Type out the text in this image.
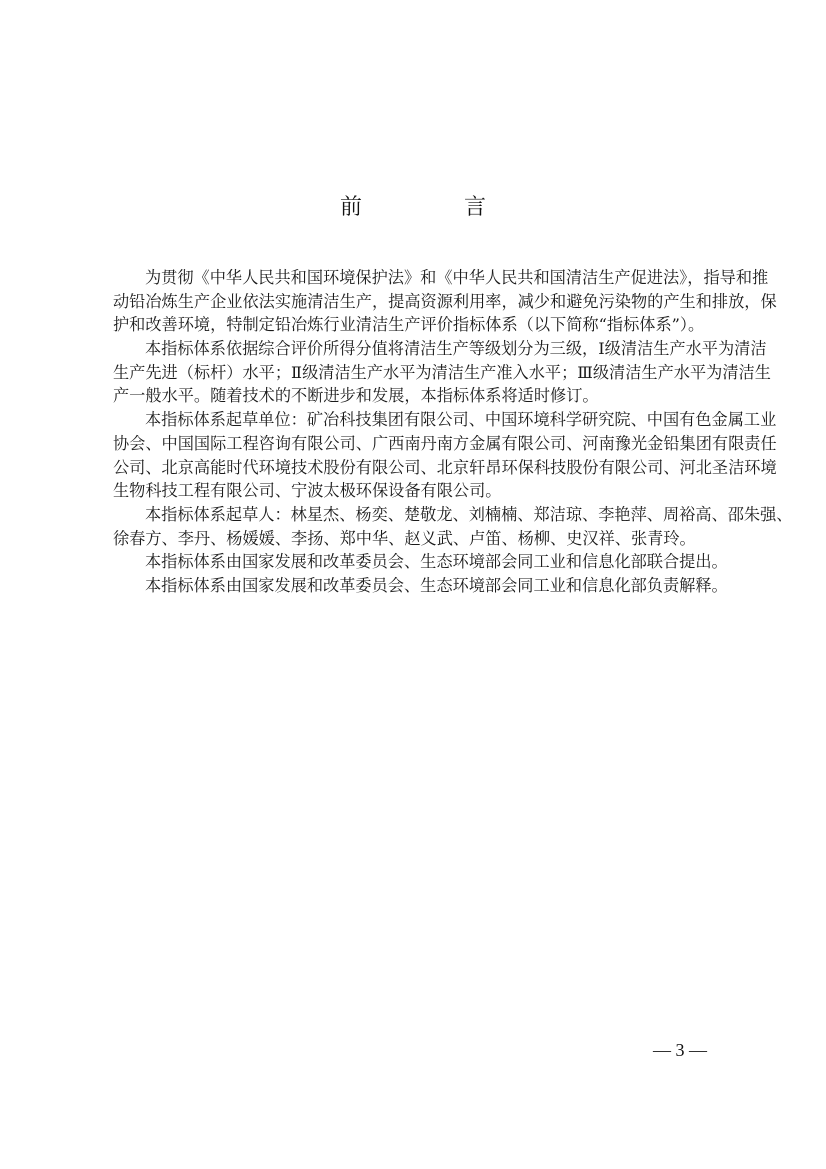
前　言
为贯彻《中华人民共和国环境保护法》和《中华人民共和国清洁生产促进法》，指导和推
动铅冶炼生产企业依法实施清洁生产，提高资源利用率，减少和避免污染物的产生和排放，保
护和改善环境，特制定铅冶炼行业清洁生产评价指标体系（以下简称“指标体系”）。
本指标体系依据综合评价所得分值将清洁生产等级划分为三级，Ⅰ级清洁生产水平为清洁
生产先进（标杆）水平；Ⅱ级清洁生产水平为清洁生产准入水平；Ⅲ级清洁生产水平为清洁生
产一般水平。随着技术的不断进步和发展，本指标体系将适时修订。
本指标体系起草单位：矿冶科技集团有限公司、中国环境科学研究院、中国有色金属工业
协会、中国国际工程咨询有限公司、广西南丹南方金属有限公司、河南豫光金铅集团有限责任
公司、北京高能时代环境技术股份有限公司、北京轩昂环保科技股份有限公司、河北圣洁环境
生物科技工程有限公司、宁波太极环保设备有限公司。
本指标体系起草人：林星杰、杨奕、楚敬龙、刘楠楠、郑洁琼、李艳萍、周裕高、邵朱强、
徐春方、李丹、杨媛媛、李扬、郑中华、赵义武、卢笛、杨柳、史汉祥、张青玲。
本指标体系由国家发展和改革委员会、生态环境部会同工业和信息化部联合提出。
本指标体系由国家发展和改革委员会、生态环境部会同工业和信息化部负责解释。
— 3 —
